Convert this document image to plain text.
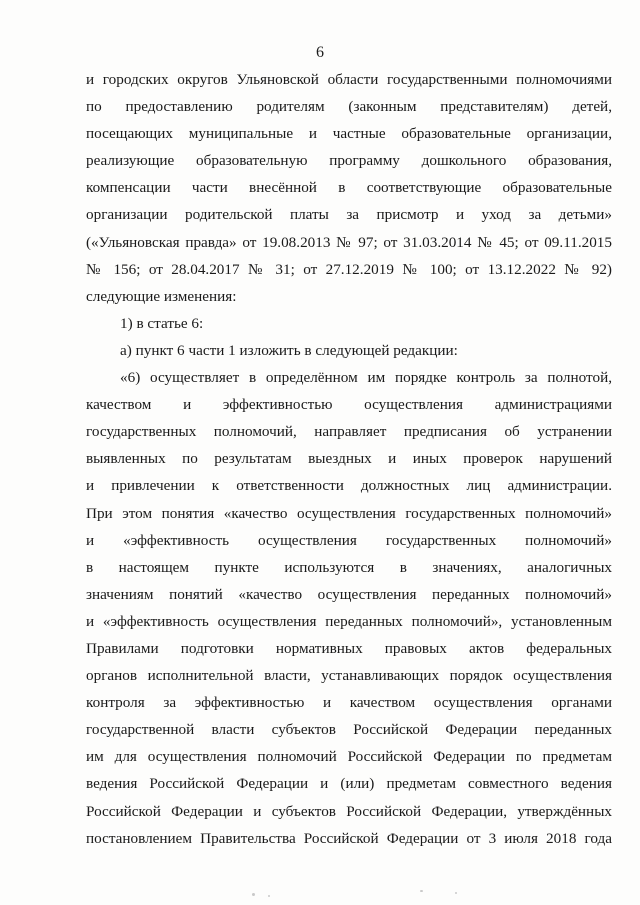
6
и городских округов Ульяновской области государственными полномочиями
по предоставлению родителям (законным представителям) детей,
посещающих муниципальные и частные образовательные организации,
реализующие образовательную программу дошкольного образования,
компенсации части внесённой в соответствующие образовательные
организации родительской платы за присмотр и уход за детьми»
(«Ульяновская правда» от 19.08.2013 № 97; от 31.03.2014 № 45; от 09.11.2015
№ 156; от 28.04.2017 № 31; от 27.12.2019 № 100; от 13.12.2022 № 92)
следующие изменения:
1) в статье 6:
а) пункт 6 части 1 изложить в следующей редакции:
«6) осуществляет в определённом им порядке контроль за полнотой,
качеством и эффективностью осуществления администрациями
государственных полномочий, направляет предписания об устранении
выявленных по результатам выездных и иных проверок нарушений
и привлечении к ответственности должностных лиц администрации.
При этом понятия «качество осуществления государственных полномочий»
и «эффективность осуществления государственных полномочий»
в настоящем пункте используются в значениях, аналогичных
значениям понятий «качество осуществления переданных полномочий»
и «эффективность осуществления переданных полномочий», установленным
Правилами подготовки нормативных правовых актов федеральных
органов исполнительной власти, устанавливающих порядок осуществления
контроля за эффективностью и качеством осуществления органами
государственной власти субъектов Российской Федерации переданных
им для осуществления полномочий Российской Федерации по предметам
ведения Российской Федерации и (или) предметам совместного ведения
Российской Федерации и субъектов Российской Федерации, утверждённых
постановлением Правительства Российской Федерации от 3 июля 2018 года
